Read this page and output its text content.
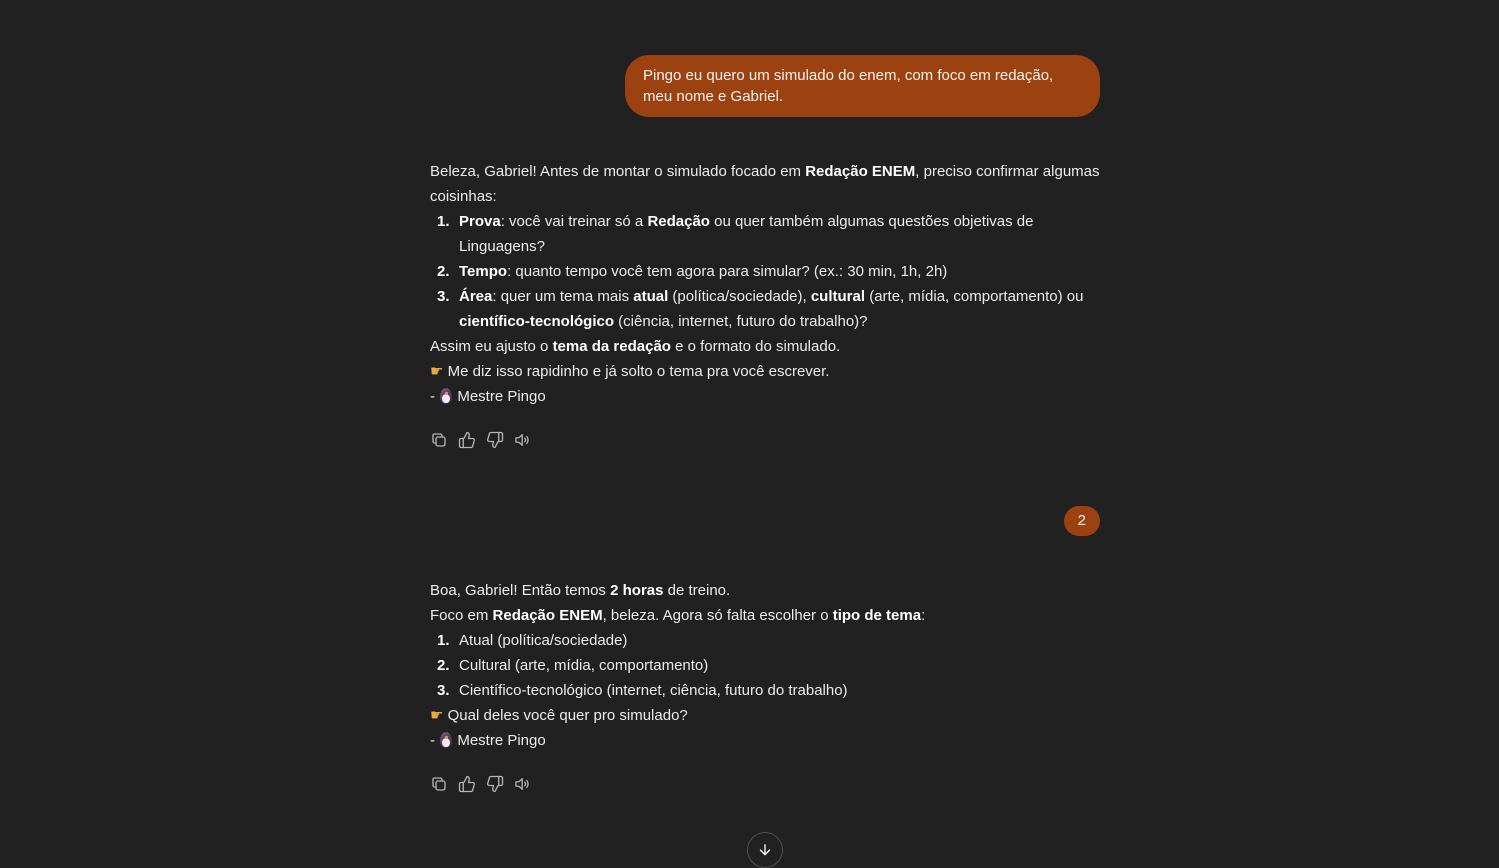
Pingo eu quero um simulado do enem, com foco em redação, meu nome e Gabriel.
Beleza, Gabriel! Antes de montar o simulado focado em Redação ENEM, preciso confirmar algumas coisinhas:
1. Prova: você vai treinar só a Redação ou quer também algumas questões objetivas de Linguagens?
2. Tempo: quanto tempo você tem agora para simular? (ex.: 30 min, 1h, 2h)
3. Área: quer um tema mais atual (política/sociedade), cultural (arte, mídia, comportamento) ou científico-tecnológico (ciência, internet, futuro do trabalho)?
Assim eu ajusto o tema da redação e o formato do simulado.
☛ Me diz isso rapidinho e já solto o tema pra você escrever.
-  Mestre Pingo
2
Boa, Gabriel! Então temos 2 horas de treino.
Foco em Redação ENEM, beleza. Agora só falta escolher o tipo de tema:
1. Atual (política/sociedade)
2. Cultural (arte, mídia, comportamento)
3. Científico-tecnológico (internet, ciência, futuro do trabalho)
☛ Qual deles você quer pro simulado?
-  Mestre Pingo
